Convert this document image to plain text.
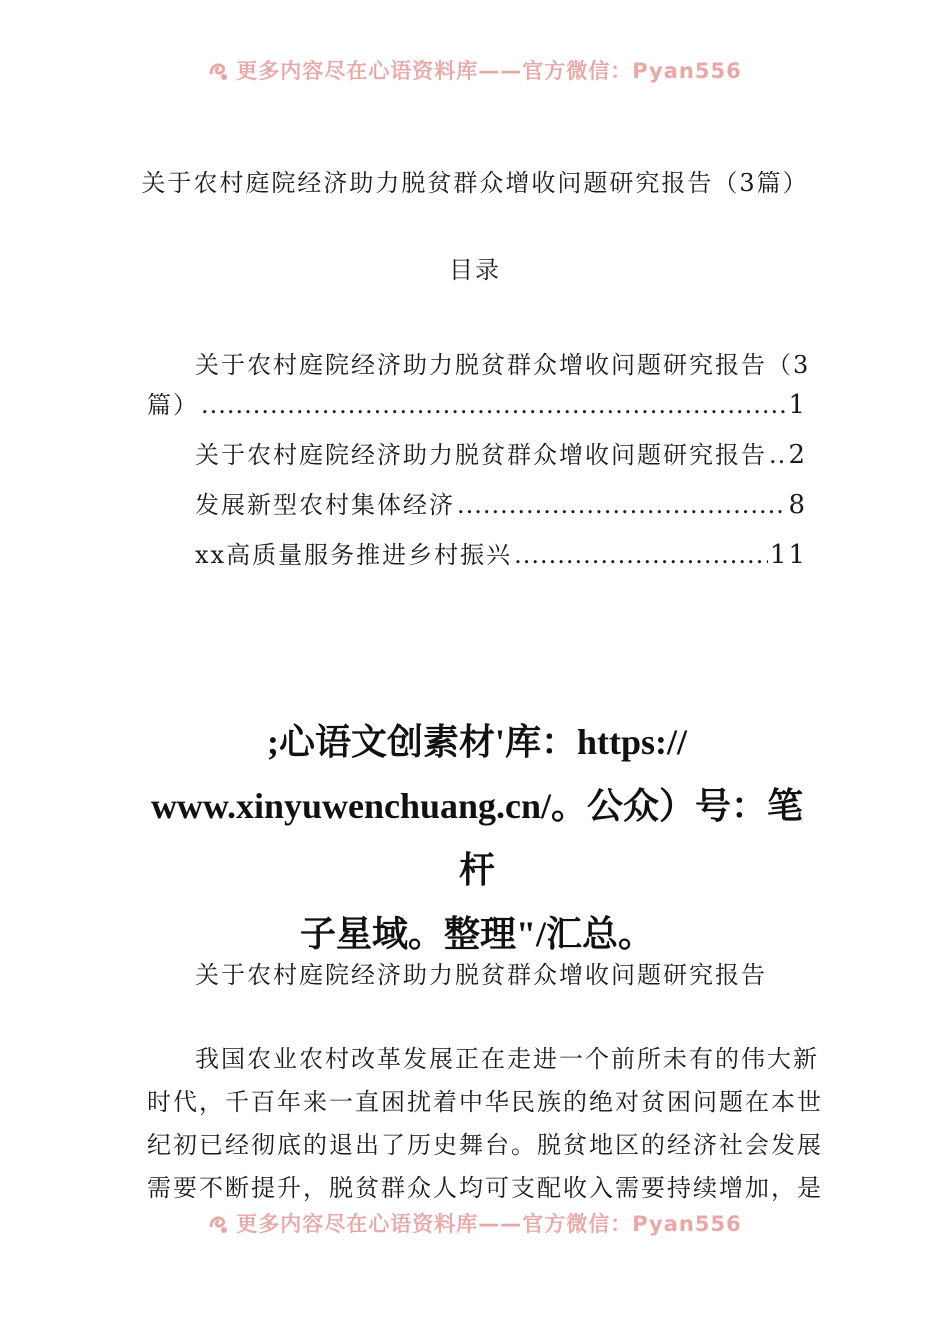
更多内容尽在心语资料库——官方微信：Pyan556
关于农村庭院经济助力脱贫群众增收问题研究报告（3篇）
目录
关于农村庭院经济助力脱贫群众增收问题研究报告（3
篇） .....	1
关于农村庭院经济助力脱贫群众增收问题研究报告 ..... 2
发展新型农村集体经济 .....	8
xx高质量服务推进乡村振兴 .....	11
;心语文创素材'库：https://
www.xinyuwenchuang.cn/。公众）号：笔杆
子星域。整理"/汇总。
关于农村庭院经济助力脱贫群众增收问题研究报告
我国农业农村改革发展正在走进一个前所未有的伟大新
时代，千百年来一直困扰着中华民族的绝对贫困问题在本世
纪初已经彻底的退出了历史舞台。脱贫地区的经济社会发展
需要不断提升，脱贫群众人均可支配收入需要持续增加，是
更多内容尽在心语资料库——官方微信：Pyan556
